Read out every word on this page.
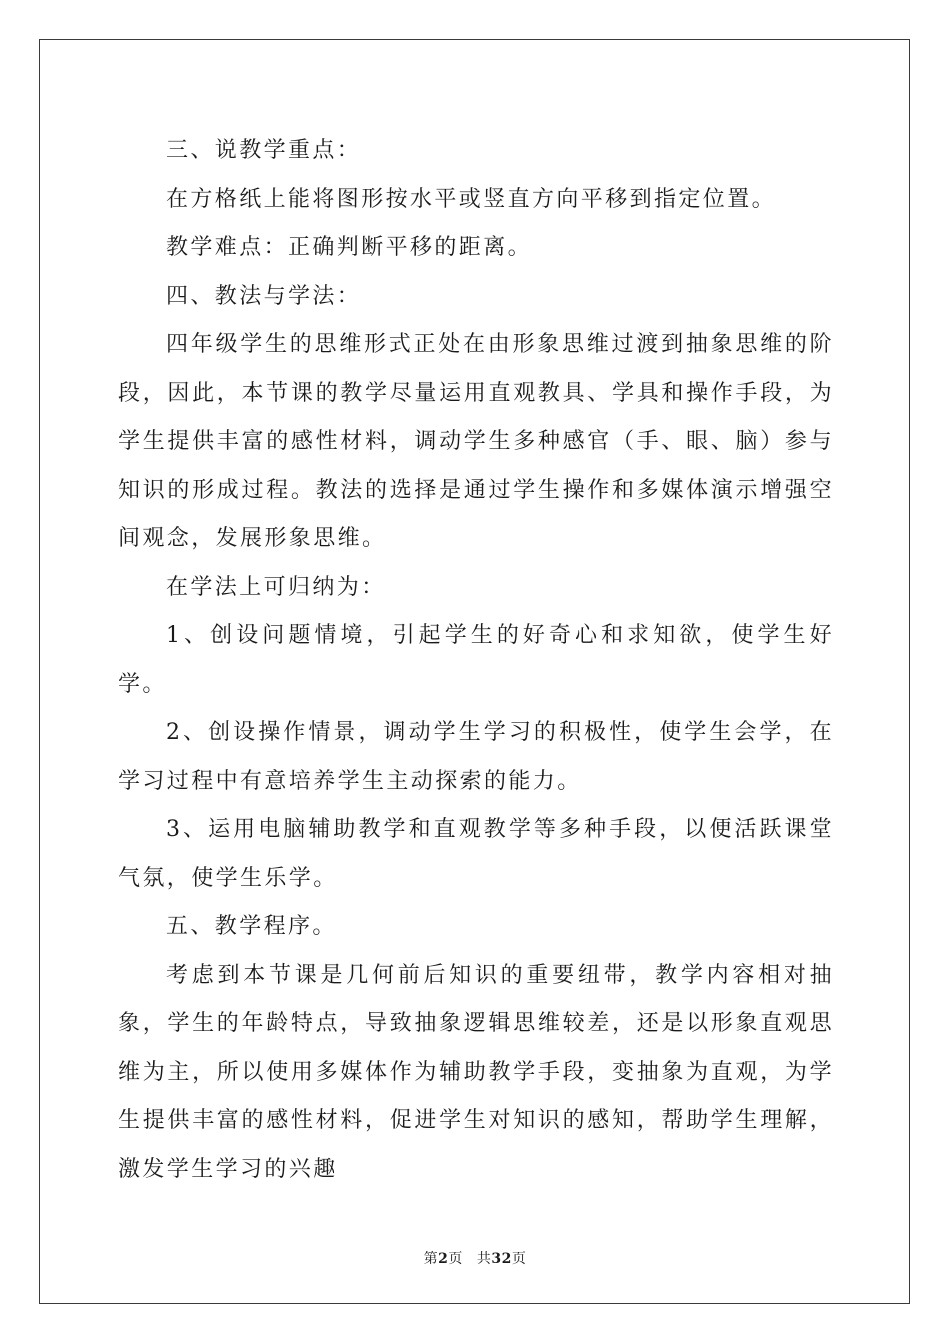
三、说教学重点：

在方格纸上能将图形按水平或竖直方向平移到指定位置。

教学难点：正确判断平移的距离。

四、教法与学法：

四年级学生的思维形式正处在由形象思维过渡到抽象思维的阶段，因此，本节课的教学尽量运用直观教具、学具和操作手段，为学生提供丰富的感性材料，调动学生多种感官（手、眼、脑）参与知识的形成过程。教法的选择是通过学生操作和多媒体演示增强空间观念，发展形象思维。

在学法上可归纳为：

1、创设问题情境，引起学生的好奇心和求知欲，使学生好学。

2、创设操作情景，调动学生学习的积极性，使学生会学，在学习过程中有意培养学生主动探索的能力。

3、运用电脑辅助教学和直观教学等多种手段，以便活跃课堂气氛，使学生乐学。

五、教学程序。

考虑到本节课是几何前后知识的重要纽带，教学内容相对抽象，学生的年龄特点，导致抽象逻辑思维较差，还是以形象直观思维为主，所以使用多媒体作为辅助教学手段，变抽象为直观，为学生提供丰富的感性材料，促进学生对知识的感知，帮助学生理解，激发学生学习的兴趣

第2页 共32页
